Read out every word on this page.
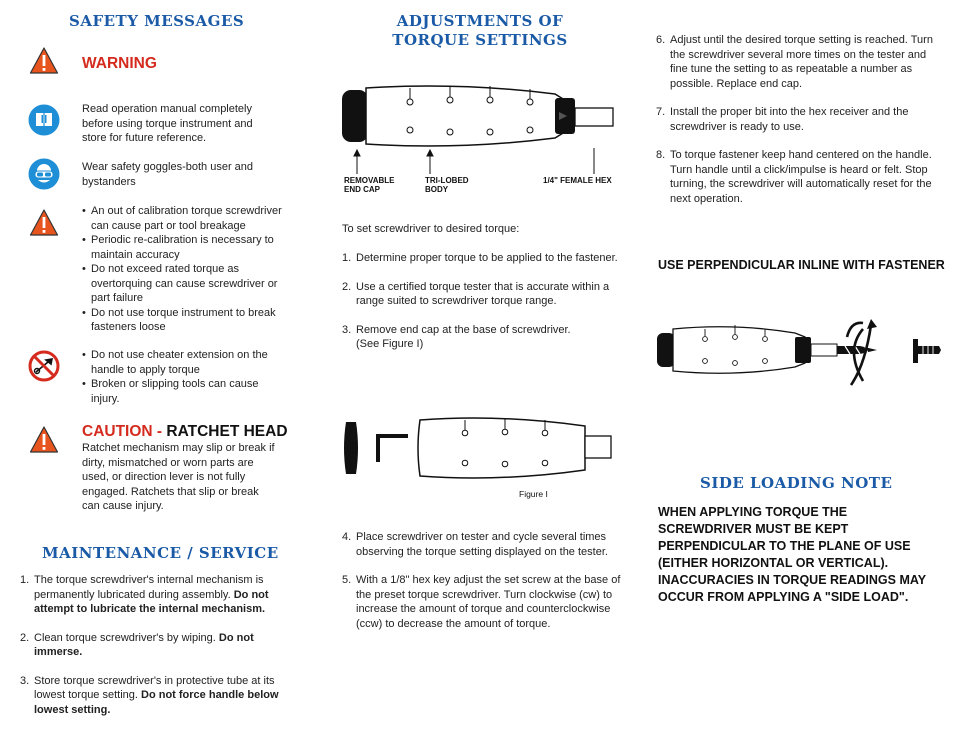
SAFETY MESSAGES
WARNING
Read operation manual completely before using torque instrument and store for future reference.
Wear safety goggles-both user and bystanders
• An out of calibration torque screwdriver can cause part or tool breakage
• Periodic re-calibration is necessary to maintain accuracy
• Do not exceed rated torque as overtorquing can cause screwdriver or part failure
• Do not use torque instrument to break fasteners loose
• Do not use cheater extension on the handle to apply torque
• Broken or slipping tools can cause injury.
CAUTION - RATCHET HEAD
Ratchet mechanism may slip or break if dirty, mismatched or worn parts are used, or direction lever is not fully engaged. Ratchets that slip or break can cause injury.
MAINTENANCE / SERVICE
1. The torque screwdriver's internal mechanism is permanently lubricated during assembly. Do not attempt to lubricate the internal mechanism.
2. Clean torque screwdriver's by wiping. Do not immerse.
3. Store torque screwdriver's in protective tube at its lowest torque setting. Do not force handle below lowest setting.
ADJUSTMENTS OF
TORQUE SETTINGS
REMOVABLE
END CAP
TRI-LOBED
BODY
1/4" FEMALE HEX
To set screwdriver to desired torque:
1. Determine proper torque to be applied to the fastener.
2. Use a certified torque tester that is accurate within a range suited to screwdriver torque range.
3. Remove end cap at the base of screwdriver. (See Figure I)
Figure I
4. Place screwdriver on tester and cycle several times observing the torque setting displayed on the tester.
5. With a 1/8" hex key adjust the set screw at the base of the preset torque screwdriver. Turn clockwise (cw) to increase the amount of torque and counterclockwise (ccw) to decrease the amount of torque.
6. Adjust until the desired torque setting is reached. Turn the screwdriver several more times on the tester and fine tune the setting to as repeatable a number as possible. Replace end cap.
7. Install the proper bit into the hex receiver and the screwdriver is ready to use.
8. To torque fastener keep hand centered on the handle. Turn handle until a click/impulse is heard or felt. Stop turning, the screwdriver will automatically reset for the next operation.
USE PERPENDICULAR INLINE WITH FASTENER
SIDE LOADING NOTE
WHEN APPLYING TORQUE THE SCREWDRIVER MUST BE KEPT PERPENDICULAR TO THE PLANE OF USE (EITHER HORIZONTAL OR VERTICAL). INACCURACIES IN TORQUE READINGS MAY OCCUR FROM APPLYING A "SIDE LOAD".
